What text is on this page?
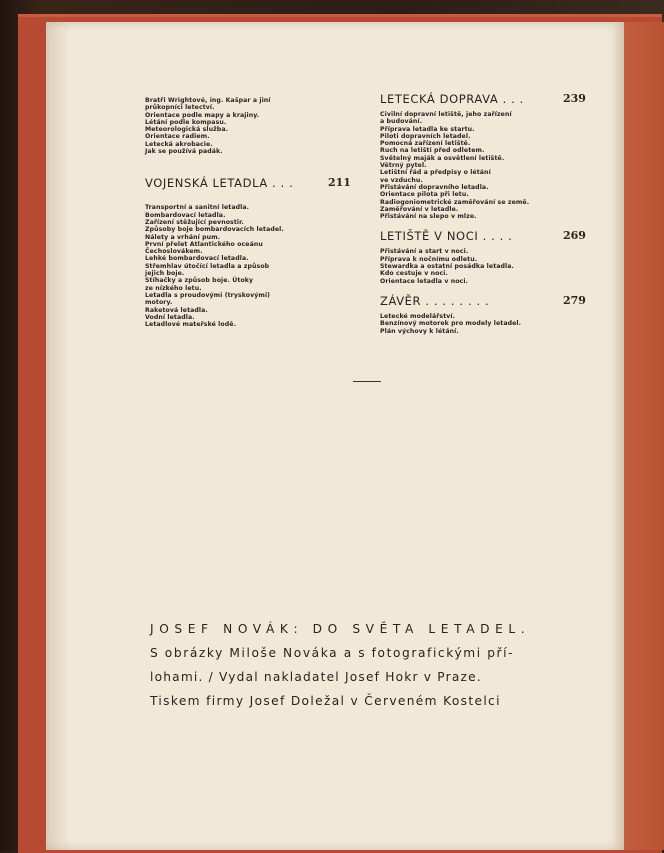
Bratři Wrightové, ing. Kašpar a jiní
průkopníci letectví.
Orientace podle mapy a krajiny.
Létání podle kompasu.
Meteorologická služba.
Orientace radiem.
Letecká akrobacie.
Jak se používá padák.
VOJENSKÁ LETADLA . . .	211
Transportní a sanitní letadla.
Bombardovací letadla.
Zařízení stěžující pevnostir.
Způsoby boje bombardovacích letadel.
Nálety a vrhání pum.
První přelet Atlantického oceánu
Čechoslovákem.
Lehké bombardovací letadla.
Střemhlav útočící letadla a způsob
jejich boje.
Stíhačky a způsob boje. Útoky
ze nízkého letu.
Letadla s proudovými (tryskovými)
motory.
Raketová letadla.
Vodní letadla.
Letadlové mateřské lodě.
LETECKÁ DOPRAVA . . .	239
Civilní dopravní letiště, jeho zařízení
a budování.
Příprava letadla ke startu.
Piloti dopravních letadel.
Pomocná zařízení letiště.
Ruch na letišti před odletem.
Světelný maják a osvětlení letiště.
Větrný pytel.
Letištní řád a předpisy o létání
ve vzduchu.
Přistávání dopravního letadla.
Orientace pilota při letu.
Radiogoniometrické zaměřování se země.
Zaměřování v letadle.
Přistávání na slepo v mlze.
LETIŠTĚ V NOCI . . . .	269
Přistávání a start v noci.
Příprava k nočnímu odletu.
Stewardka a ostatní posádka letadla.
Kdo cestuje v noci.
Orientace letadla v noci.
ZÁVĚR . . . . . . . .	279
Letecké modelářství.
Benzínový motorek pro modely letadel.
Plán výchovy k létání.
JOSEF NOVÁK: DO SVĚTA LETADEL.
S obrázky Miloše Nováka a s fotografickými pří-
lohami. / Vydal nakladatel Josef Hokr v Praze.
Tiskem firmy Josef Doležal v Červeném Kostelci
